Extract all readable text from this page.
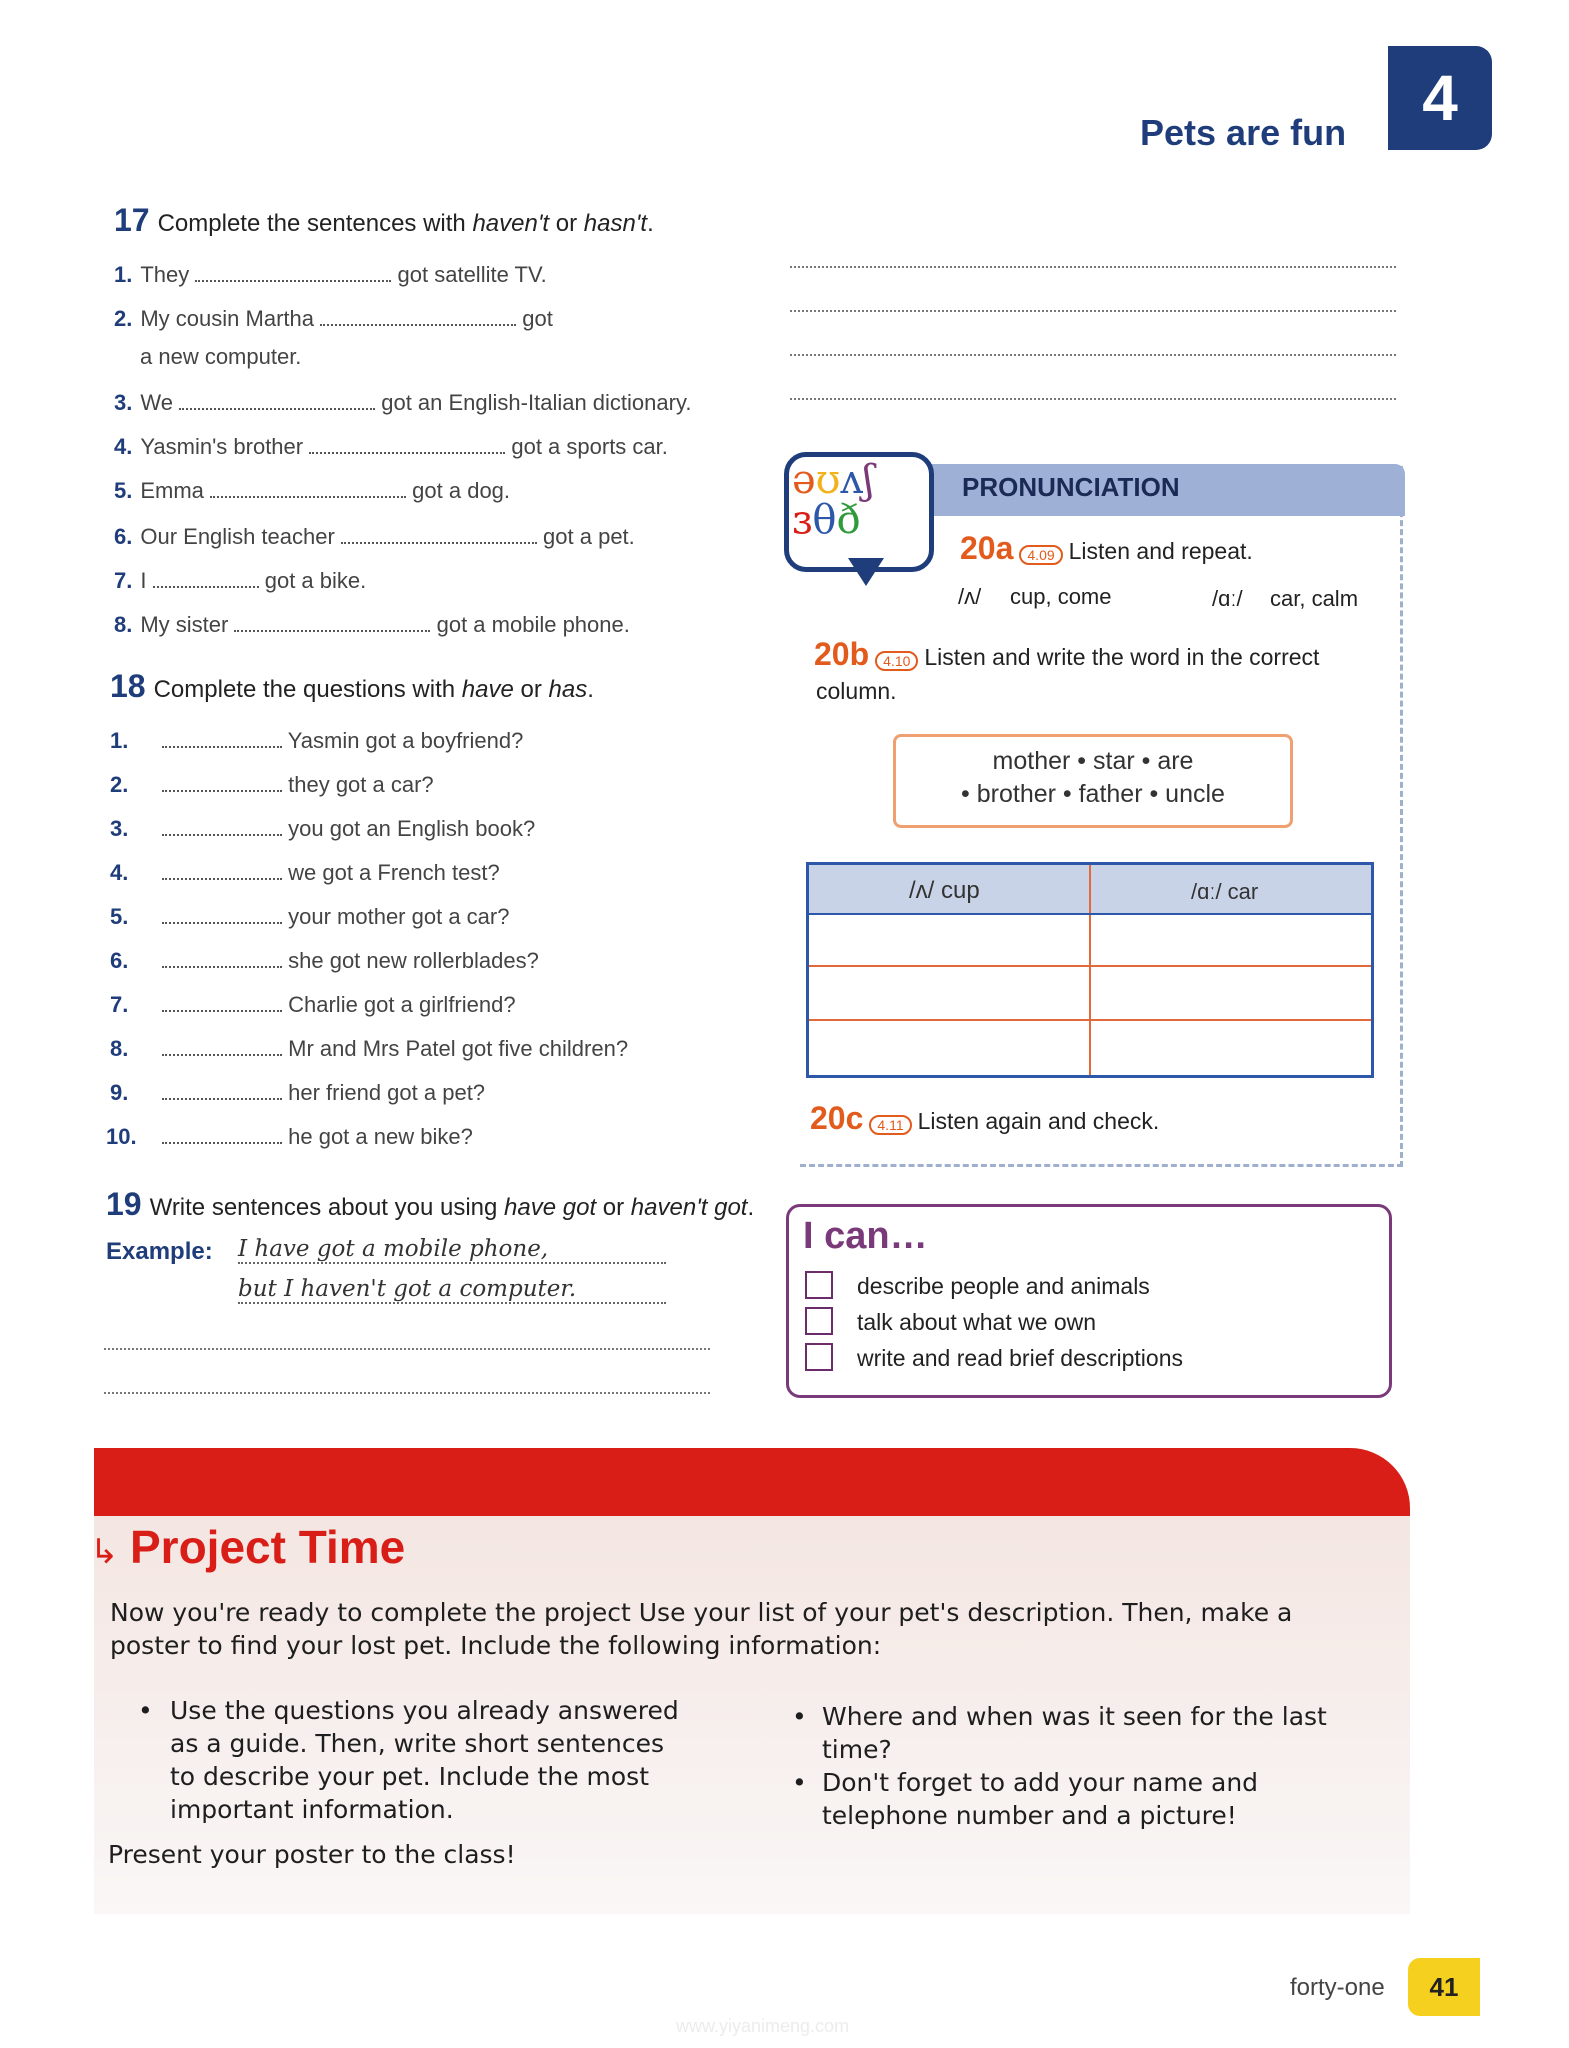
Pets are fun	4
17 Complete the sentences with haven't or hasn't.
1. They	got satellite TV.
2. My cousin Martha	got
a new computer.
3. We	got an English-Italian dictionary.
4. Yasmin's brother	got a sports car.
5. Emma	got a dog.
6. Our English teacher	got a pet.
7. I	got a bike.
8. My sister	got a mobile phone.
18 Complete the questions with have or has.
1.	Yasmin got a boyfriend?
2.	they got a car?
3.	you got an English book?
4.	we got a French test?
5.	your mother got a car?
6.	she got new rollerblades?
7.	Charlie got a girlfriend?
8.	Mr and Mrs Patel got five children?
9.	her friend got a pet?
10.	he got a new bike?
19 Write sentences about you using have got or haven't got.
Example: I have got a mobile phone,
but I haven't got a computer.
PRONUNCIATION
əʊʌʃ
ɜθð
20a 4.09 Listen and repeat.
/ʌ/ cup, come	/ɑː/ car, calm
20b 4.10 Listen and write the word in the correct
column.
mother • star • are
• brother • father • uncle
/ʌ/ cup	/ɑː/ car
20c 4.11 Listen again and check.
I can…
describe people and animals
talk about what we own
write and read brief descriptions
↳ Project Time
Now you're ready to complete the project Use your list of your pet's description. Then, make a
poster to find your lost pet. Include the following information:
• Use the questions you already answered
as a guide. Then, write short sentences
to describe your pet. Include the most
important information.
• Where and when was it seen for the last
time?
• Don't forget to add your name and
telephone number and a picture!
Present your poster to the class!
forty-one	41
www.yiyanimeng.com
